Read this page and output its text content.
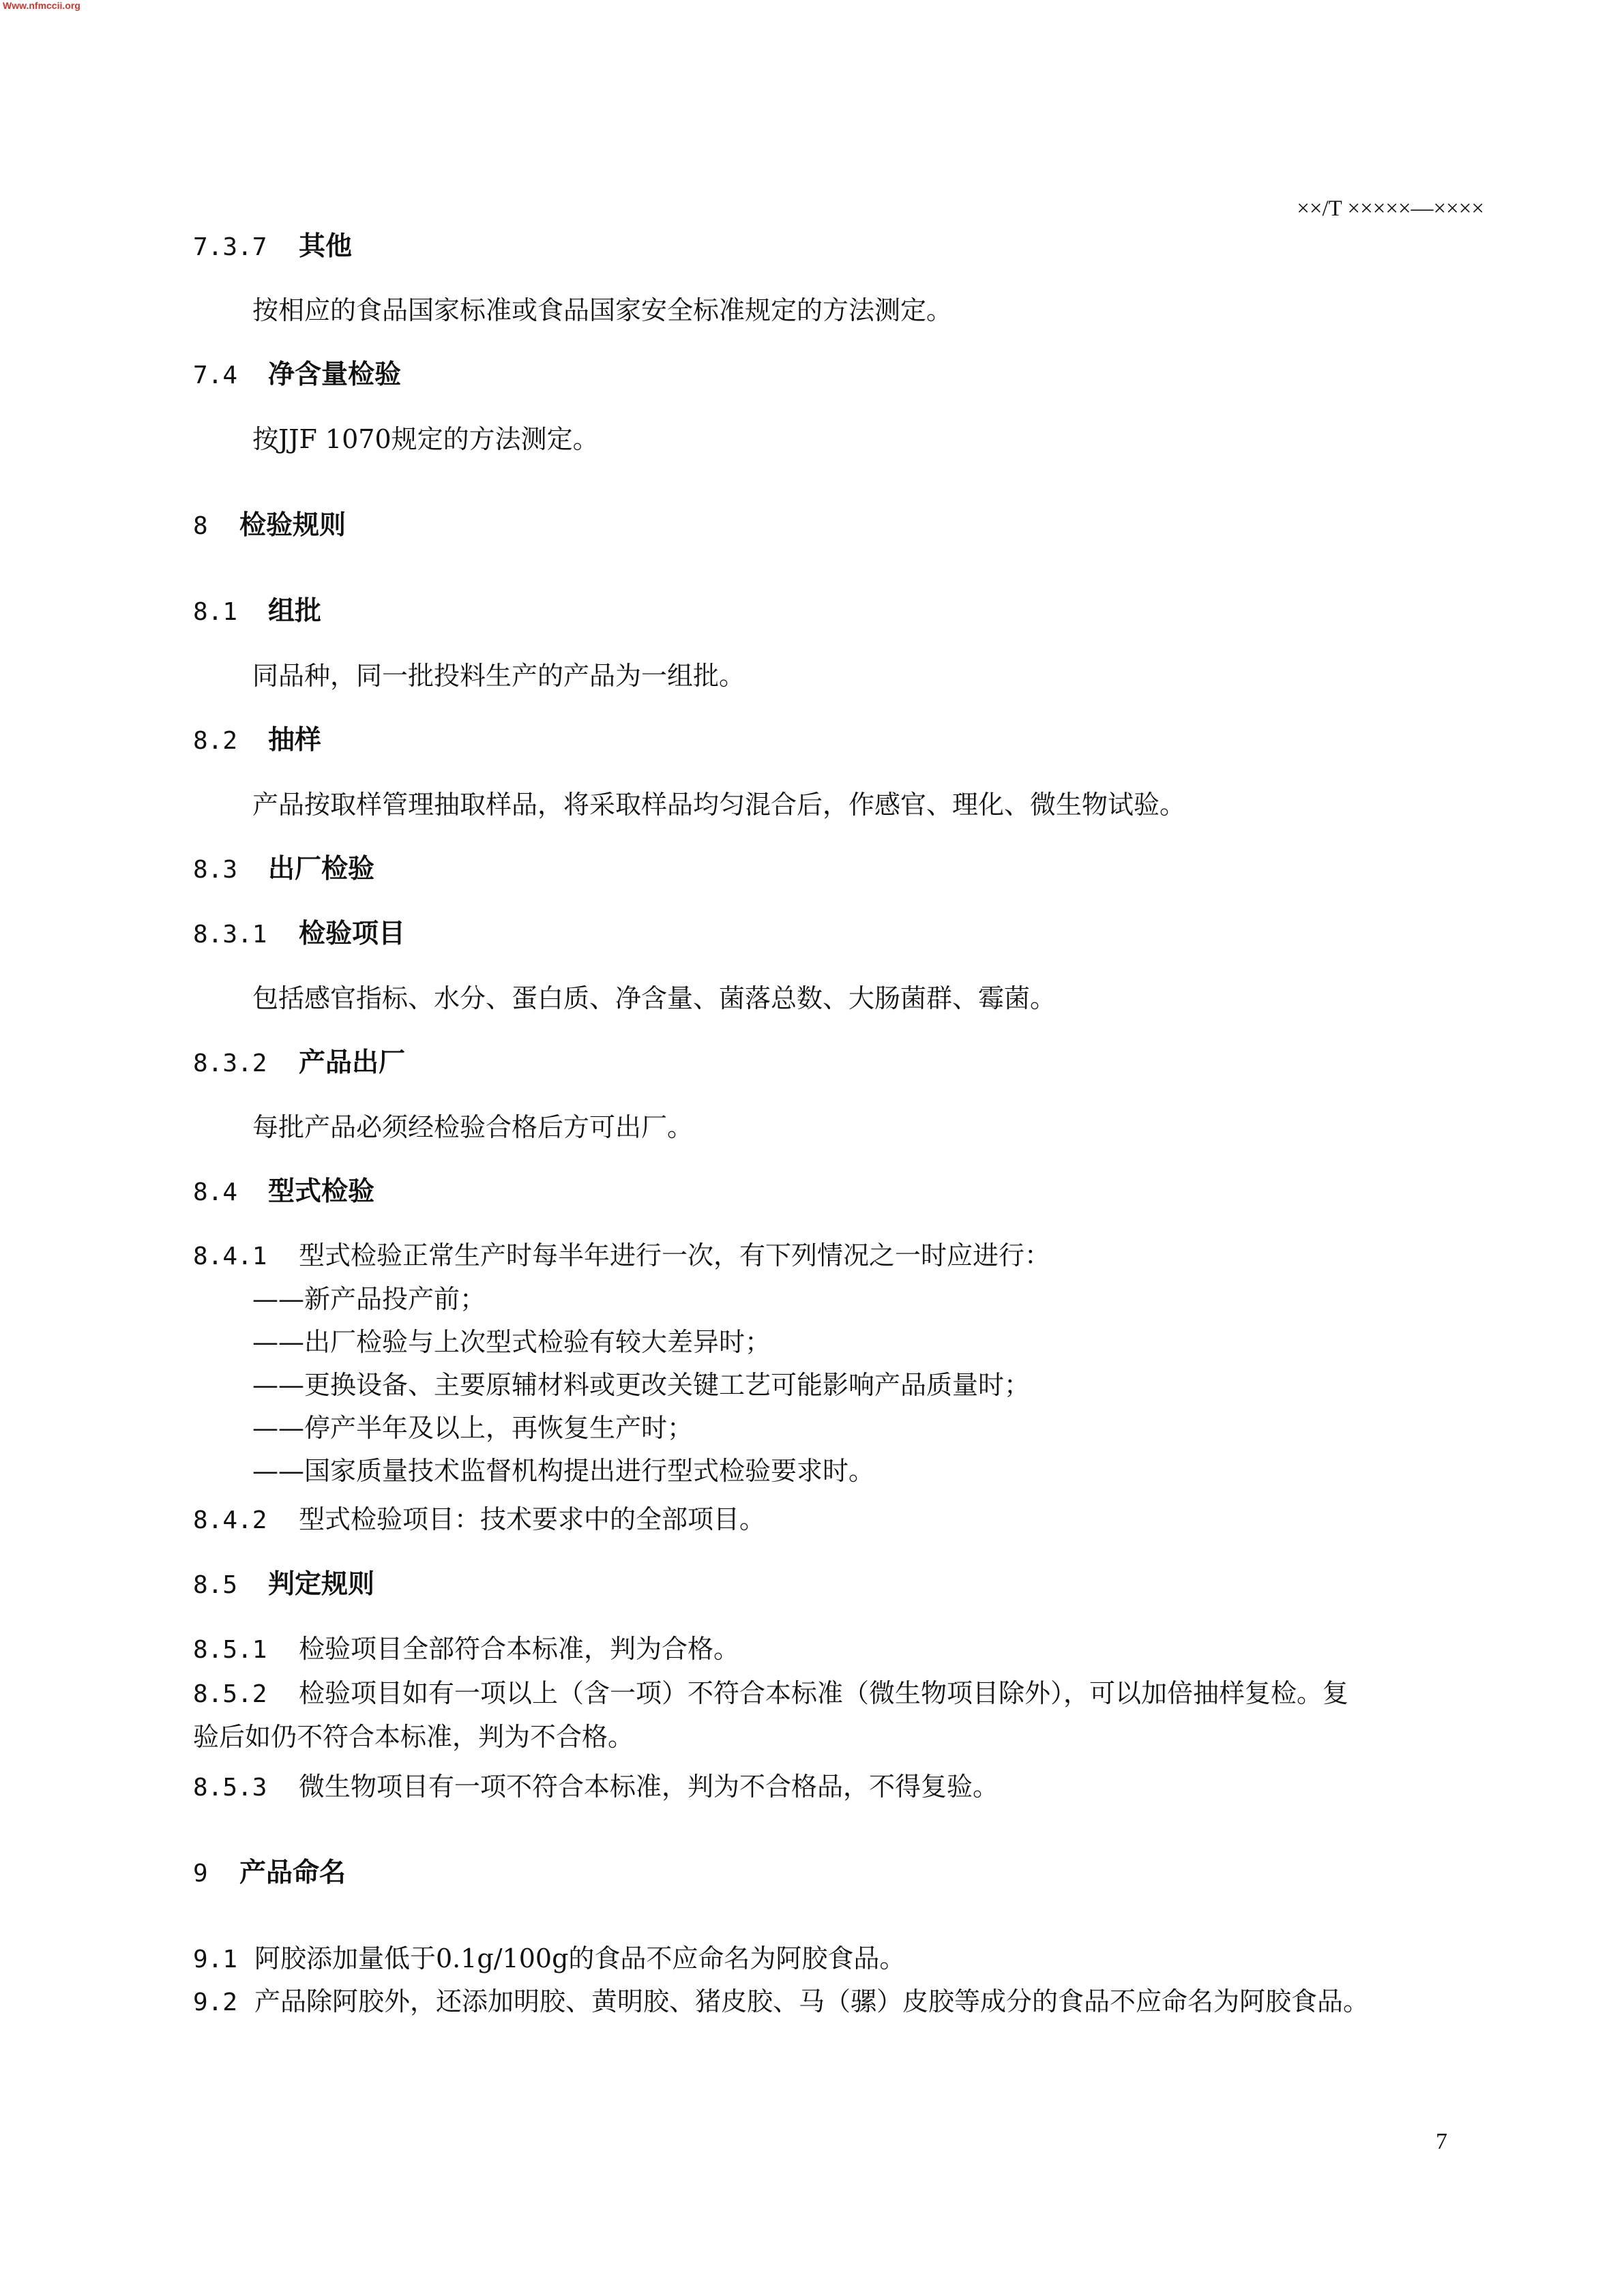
Www.nfmccii.org
××/T ×××××—××××
7.3.7 其他
按相应的食品国家标准或食品国家安全标准规定的方法测定。
7.4 净含量检验
按JJF 1070规定的方法测定。
8 检验规则
8.1 组批
同品种，同一批投料生产的产品为一组批。
8.2 抽样
产品按取样管理抽取样品，将采取样品均匀混合后，作感官、理化、微生物试验。
8.3 出厂检验
8.3.1 检验项目
包括感官指标、水分、蛋白质、净含量、菌落总数、大肠菌群、霉菌。
8.3.2 产品出厂
每批产品必须经检验合格后方可出厂。
8.4 型式检验
8.4.1 型式检验正常生产时每半年进行一次，有下列情况之一时应进行：
——新产品投产前；
——出厂检验与上次型式检验有较大差异时；
——更换设备、主要原辅材料或更改关键工艺可能影响产品质量时；
——停产半年及以上，再恢复生产时；
——国家质量技术监督机构提出进行型式检验要求时。
8.4.2 型式检验项目：技术要求中的全部项目。
8.5 判定规则
8.5.1 检验项目全部符合本标准，判为合格。
8.5.2 检验项目如有一项以上（含一项）不符合本标准（微生物项目除外），可以加倍抽样复检。复
验后如仍不符合本标准，判为不合格。
8.5.3 微生物项目有一项不符合本标准，判为不合格品，不得复验。
9 产品命名
9.1 阿胶添加量低于0.1g/100g的食品不应命名为阿胶食品。
9.2 产品除阿胶外，还添加明胶、黄明胶、猪皮胶、马（骡）皮胶等成分的食品不应命名为阿胶食品。
7
